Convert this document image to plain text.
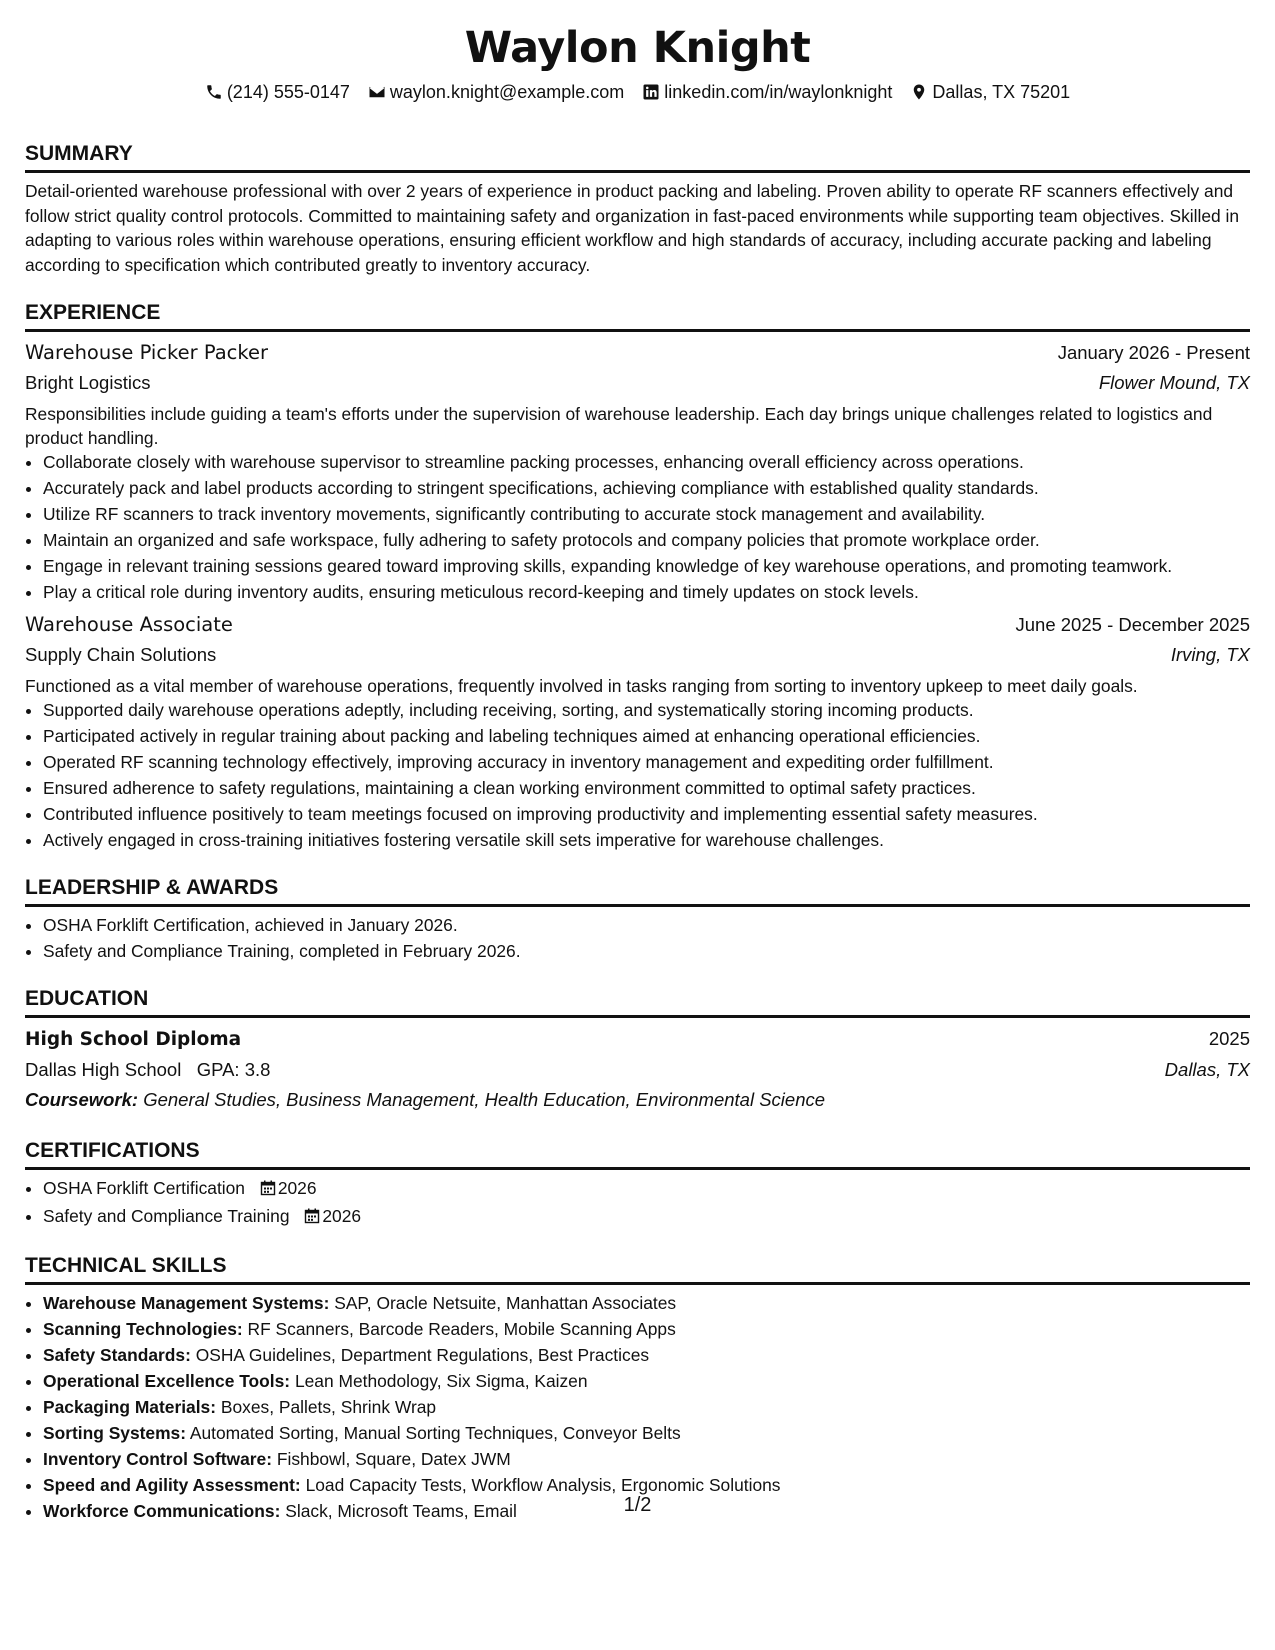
Waylon Knight
(214) 555-0147 waylon.knight@example.com linkedin.com/in/waylonknight Dallas, TX 75201
SUMMARY

Detail-oriented warehouse professional with over 2 years of experience in product packing and labeling. Proven ability to operate RF scanners effectively and follow strict quality control protocols. Committed to maintaining safety and organization in fast-paced environments while supporting team objectives. Skilled in adapting to various roles within warehouse operations, ensuring efficient workflow and high standards of accuracy, including accurate packing and labeling according to specification which contributed greatly to inventory accuracy.

EXPERIENCE
Warehouse Picker Packer	January 2026 - Present
Bright Logistics	Flower Mound, TX

Responsibilities include guiding a team's efforts under the supervision of warehouse leadership. Each day brings unique challenges related to logistics and product handling.

• Collaborate closely with warehouse supervisor to streamline packing processes, enhancing overall efficiency across operations.
• Accurately pack and label products according to stringent specifications, achieving compliance with established quality standards.
• Utilize RF scanners to track inventory movements, significantly contributing to accurate stock management and availability.
• Maintain an organized and safe workspace, fully adhering to safety protocols and company policies that promote workplace order.
• Engage in relevant training sessions geared toward improving skills, expanding knowledge of key warehouse operations, and promoting teamwork.
• Play a critical role during inventory audits, ensuring meticulous record-keeping and timely updates on stock levels.
Warehouse Associate	June 2025 - December 2025
Supply Chain Solutions	Irving, TX

Functioned as a vital member of warehouse operations, frequently involved in tasks ranging from sorting to inventory upkeep to meet daily goals.

• Supported daily warehouse operations adeptly, including receiving, sorting, and systematically storing incoming products.
• Participated actively in regular training about packing and labeling techniques aimed at enhancing operational efficiencies.
• Operated RF scanning technology effectively, improving accuracy in inventory management and expediting order fulfillment.
• Ensured adherence to safety regulations, maintaining a clean working environment committed to optimal safety practices.
• Contributed influence positively to team meetings focused on improving productivity and implementing essential safety measures.
• Actively engaged in cross-training initiatives fostering versatile skill sets imperative for warehouse challenges.
LEADERSHIP & AWARDS
• OSHA Forklift Certification, achieved in January 2026.
• Safety and Compliance Training, completed in February 2026.
EDUCATION
High School Diploma	2025
Dallas High School GPA: 3.8	Dallas, TX
Coursework: General Studies, Business Management, Health Education, Environmental Science
CERTIFICATIONS
• OSHA Forklift Certification 2026
• Safety and Compliance Training 2026
TECHNICAL SKILLS
• Warehouse Management Systems: SAP, Oracle Netsuite, Manhattan Associates
• Scanning Technologies: RF Scanners, Barcode Readers, Mobile Scanning Apps
• Safety Standards: OSHA Guidelines, Department Regulations, Best Practices
• Operational Excellence Tools: Lean Methodology, Six Sigma, Kaizen
• Packaging Materials: Boxes, Pallets, Shrink Wrap
• Sorting Systems: Automated Sorting, Manual Sorting Techniques, Conveyor Belts
• Inventory Control Software: Fishbowl, Square, Datex JWM
• Speed and Agility Assessment: Load Capacity Tests, Workflow Analysis, Ergonomic Solutions
• Workforce Communications: Slack, Microsoft Teams, Email	1/2
